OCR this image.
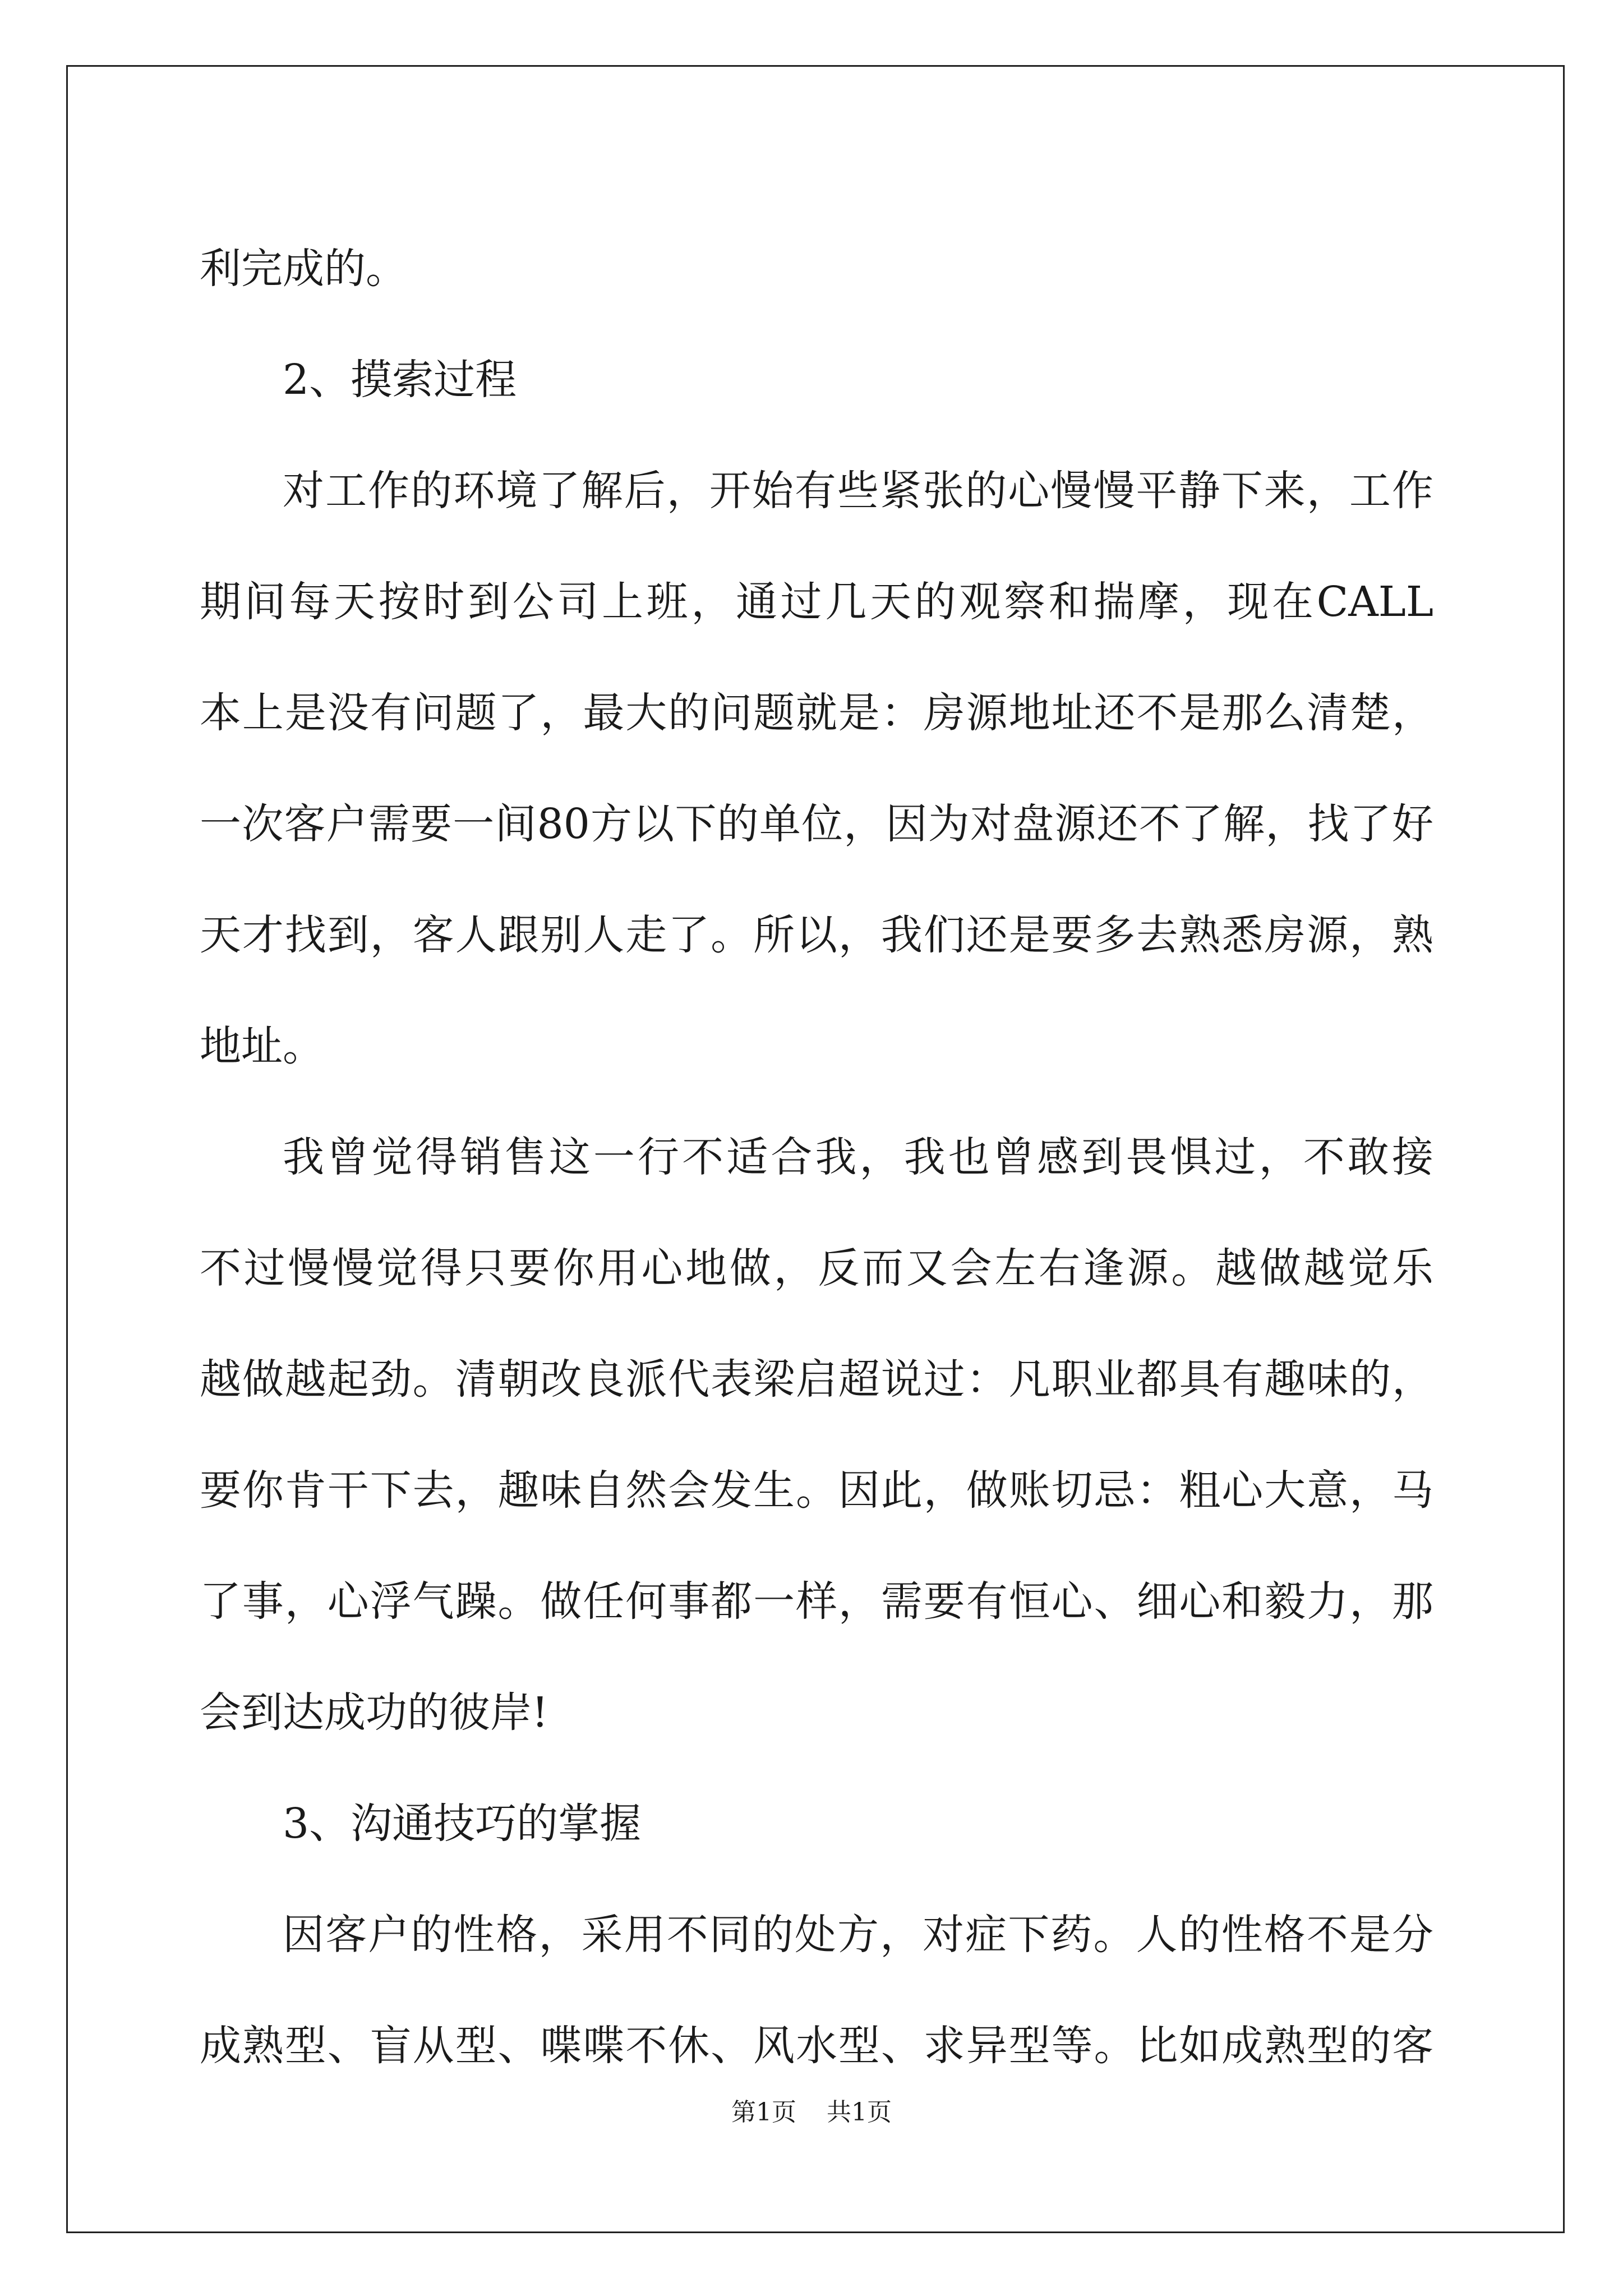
利完成的。
2、摸索过程
对工作的环境了解后，开始有些紧张的心慢慢平静下来，工作
期间每天按时到公司上班，通过几天的观察和揣摩，现在CALL
本上是没有问题了，最大的问题就是：房源地址还不是那么清楚，
一次客户需要一间80方以下的单位，因为对盘源还不了解，找了好
天才找到，客人跟别人走了。所以，我们还是要多去熟悉房源，熟
地址。
我曾觉得销售这一行不适合我，我也曾感到畏惧过，不敢接
不过慢慢觉得只要你用心地做，反而又会左右逢源。越做越觉乐
越做越起劲。清朝改良派代表梁启超说过：凡职业都具有趣味的，
要你肯干下去，趣味自然会发生。因此，做账切忌：粗心大意，马
了事，心浮气躁。做任何事都一样，需要有恒心、细心和毅力，那
会到达成功的彼岸!
3、沟通技巧的掌握
因客户的性格，采用不同的处方，对症下药。人的性格不是分
成熟型、盲从型、喋喋不休、风水型、求异型等。比如成熟型的客
第1页 共1页
